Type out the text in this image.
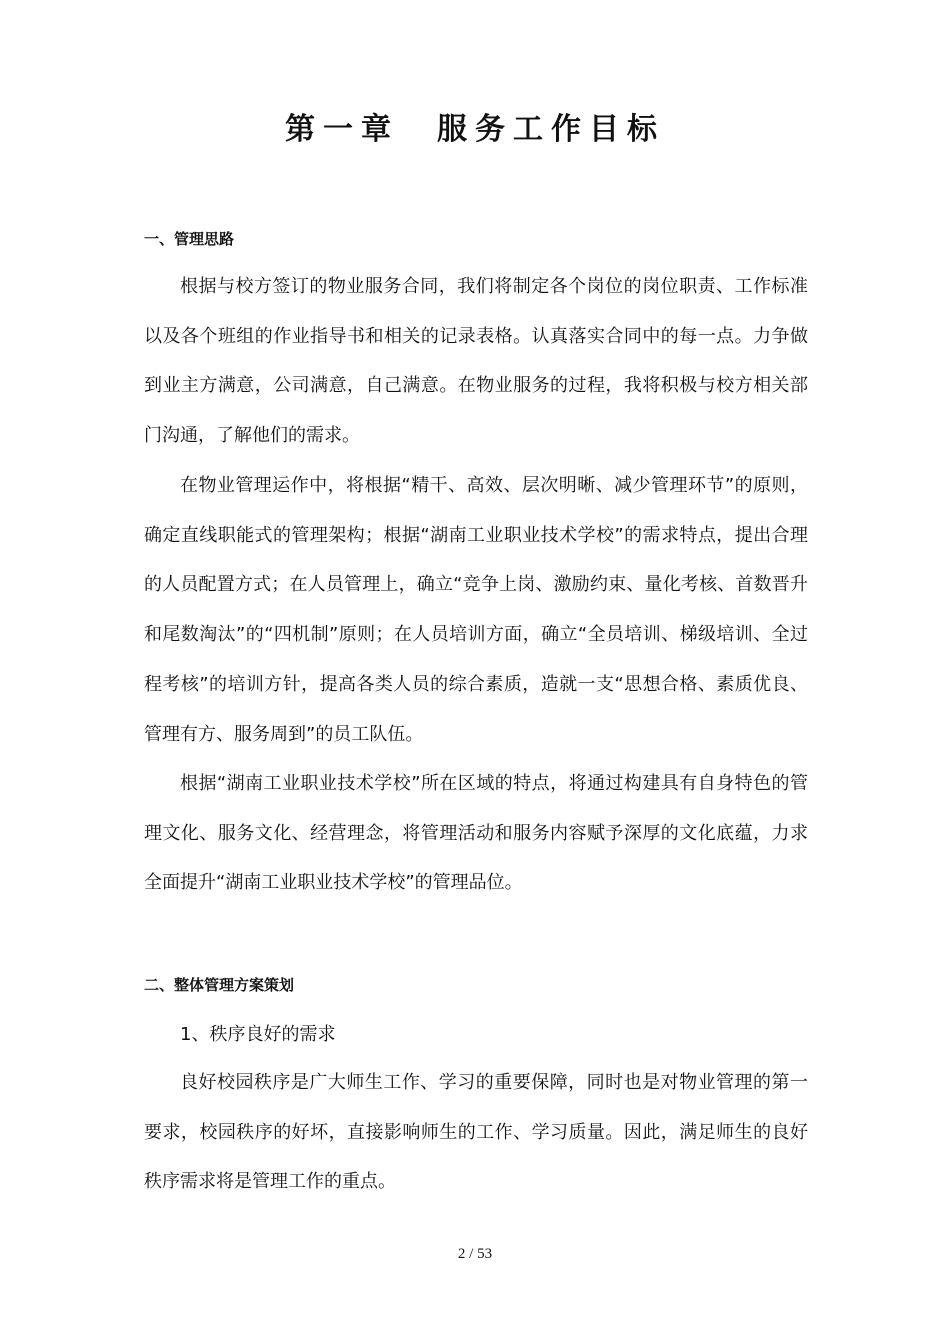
第一章　服务工作目标
一、管理思路

根据与校方签订的物业服务合同，我们将制定各个岗位的岗位职责、工作标准以及各个班组的作业指导书和相关的记录表格。认真落实合同中的每一点。力争做到业主方满意，公司满意，自己满意。在物业服务的过程，我将积极与校方相关部门沟通，了解他们的需求。

在物业管理运作中，将根据“精干、高效、层次明晰、减少管理环节”的原则，确定直线职能式的管理架构；根据“湖南工业职业技术学校”的需求特点，提出合理的人员配置方式；在人员管理上，确立“竞争上岗、激励约束、量化考核、首数晋升和尾数淘汰”的“四机制”原则；在人员培训方面，确立“全员培训、梯级培训、全过程考核”的培训方针，提高各类人员的综合素质，造就一支“思想合格、素质优良、管理有方、服务周到”的员工队伍。

根据“湖南工业职业技术学校”所在区域的特点，将通过构建具有自身特色的管理文化、服务文化、经营理念，将管理活动和服务内容赋予深厚的文化底蕴，力求全面提升“湖南工业职业技术学校”的管理品位。

二、整体管理方案策划
1、秩序良好的需求

良好校园秩序是广大师生工作、学习的重要保障，同时也是对物业管理的第一要求，校园秩序的好坏，直接影响师生的工作、学习质量。因此，满足师生的良好秩序需求将是管理工作的重点。

2 / 53
